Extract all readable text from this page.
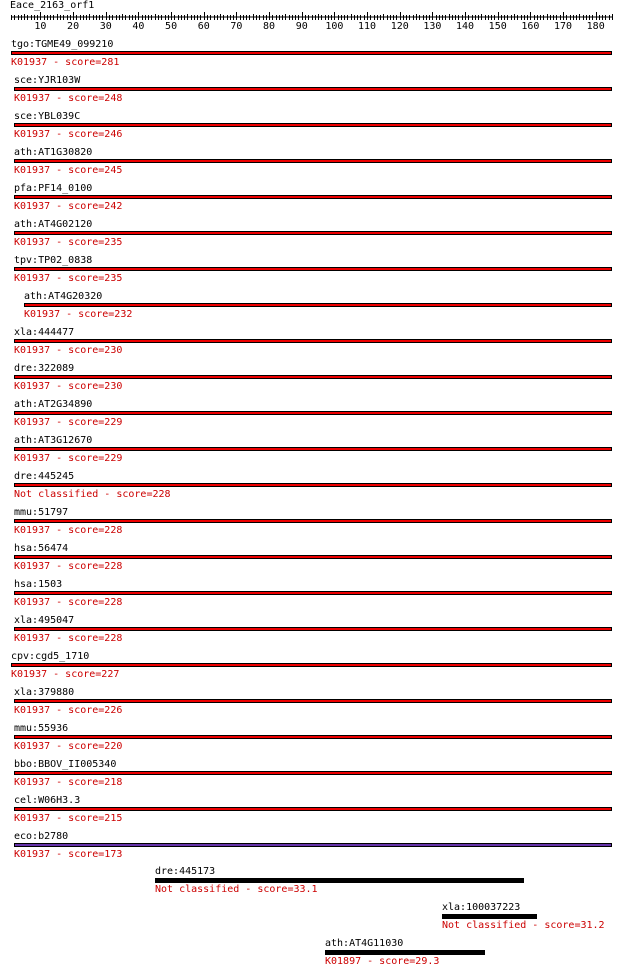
Eace_2163_orf1
10 20 30 40 50 60 70 80 90 100 110 120 130 140 150 160 170 180
tgo:TGME49_099210
K01937 - score=281
sce:YJR103W
K01937 - score=248
sce:YBL039C
K01937 - score=246
ath:AT1G30820
K01937 - score=245
pfa:PF14_0100
K01937 - score=242
ath:AT4G02120
K01937 - score=235
tpv:TP02_0838
K01937 - score=235
ath:AT4G20320
K01937 - score=232
xla:444477
K01937 - score=230
dre:322089
K01937 - score=230
ath:AT2G34890
K01937 - score=229
ath:AT3G12670
K01937 - score=229
dre:445245
Not classified - score=228
mmu:51797
K01937 - score=228
hsa:56474
K01937 - score=228
hsa:1503
K01937 - score=228
xla:495047
K01937 - score=228
cpv:cgd5_1710
K01937 - score=227
xla:379880
K01937 - score=226
mmu:55936
K01937 - score=220
bbo:BBOV_II005340
K01937 - score=218
cel:W06H3.3
K01937 - score=215
eco:b2780
K01937 - score=173
dre:445173
Not classified - score=33.1
xla:100037223
Not classified - score=31.2
ath:AT4G11030
K01897 - score=29.3
